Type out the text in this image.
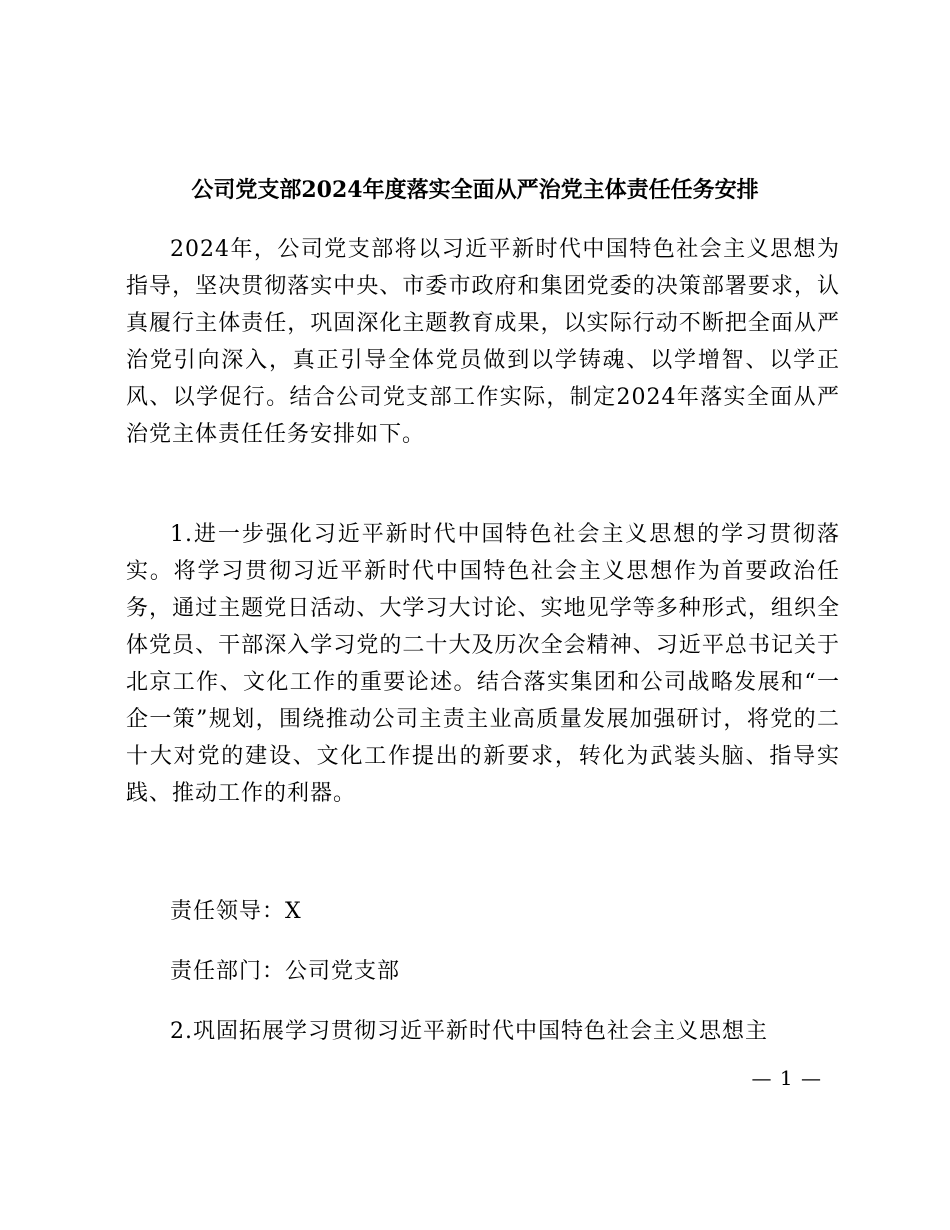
公司党支部2024年度落实全面从严治党主体责任任务安排

2024年，公司党支部将以习近平新时代中国特色社会主义思想为指导，坚决贯彻落实中央、市委市政府和集团党委的决策部署要求，认真履行主体责任，巩固深化主题教育成果，以实际行动不断把全面从严治党引向深入，真正引导全体党员做到以学铸魂、以学增智、以学正风、以学促行。结合公司党支部工作实际，制定2024年落实全面从严治党主体责任任务安排如下。

1.进一步强化习近平新时代中国特色社会主义思想的学习贯彻落实。将学习贯彻习近平新时代中国特色社会主义思想作为首要政治任务，通过主题党日活动、大学习大讨论、实地见学等多种形式，组织全体党员、干部深入学习党的二十大及历次全会精神、习近平总书记关于北京工作、文化工作的重要论述。结合落实集团和公司战略发展和“一企一策”规划，围绕推动公司主责主业高质量发展加强研讨，将党的二十大对党的建设、文化工作提出的新要求，转化为武装头脑、指导实践、推动工作的利器。

责任领导：X

责任部门：公司党支部

2.巩固拓展学习贯彻习近平新时代中国特色社会主义思想主

— 1 —
